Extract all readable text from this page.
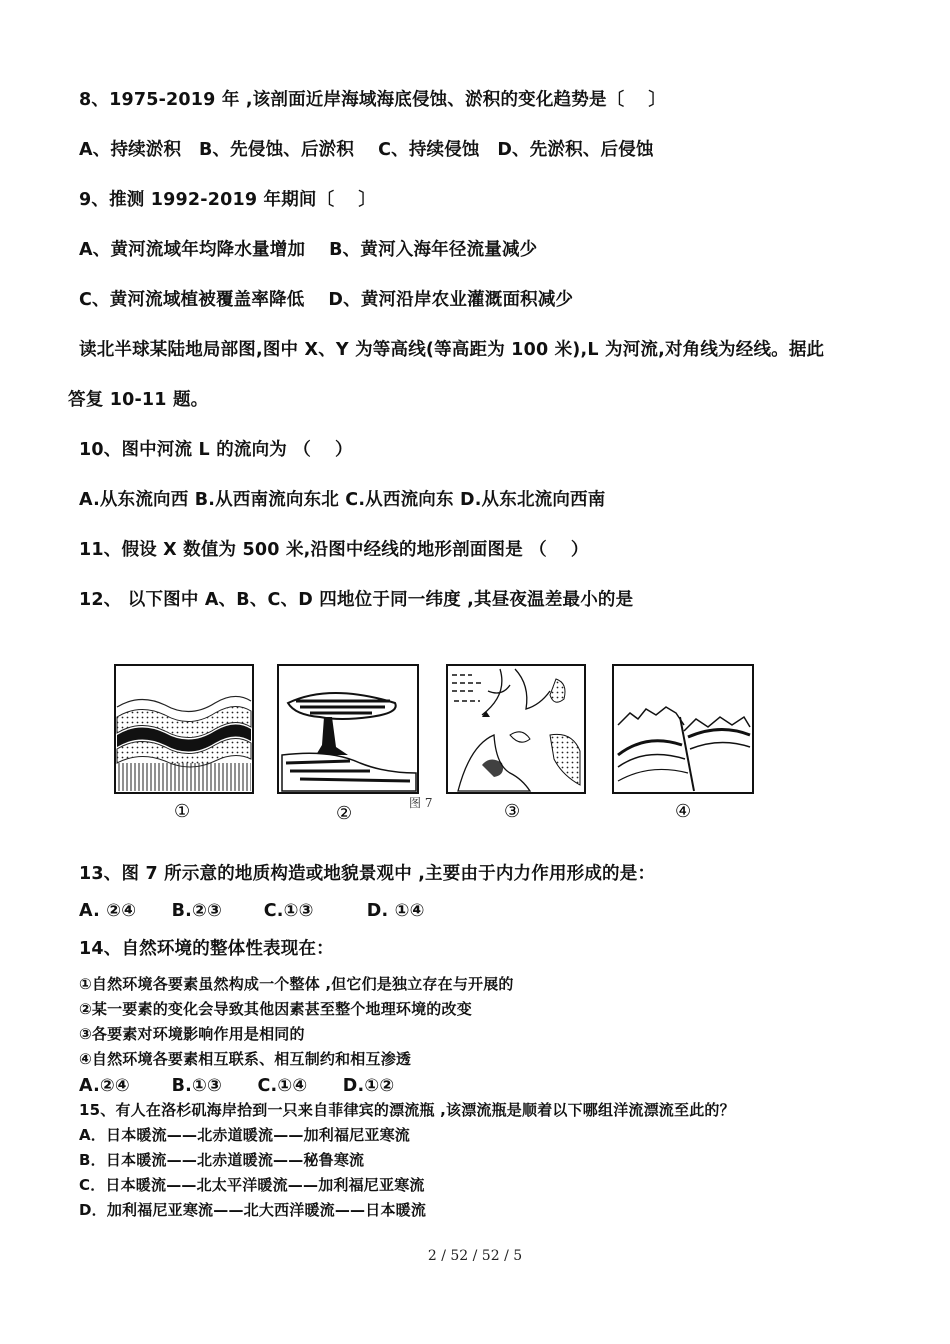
8、1975-2019 年 ,该剖面近岸海域海底侵蚀、淤积的变化趋势是〔　 〕
A、持续淤积　B、先侵蚀、后淤积　 C、持续侵蚀　D、先淤积、后侵蚀
9、推测 1992-2019 年期间〔　 〕
A、黄河流域年均降水量增加　 B、黄河入海年径流量减少
C、黄河流域植被覆盖率降低　 D、黄河沿岸农业灌溉面积减少
读北半球某陆地局部图,图中 X、Y 为等高线(等高距为 100 米),L 为河流,对角线为经线。据此
答复 10-11 题。
10、图中河流 L 的流向为 （　 ）
A.从东流向西 B.从西南流向东北 C.从西流向东 D.从东北流向西南
11、假设 X 数值为 500 米,沿图中经线的地形剖面图是 （　 ）
12、 以下图中 A、B、C、D 四地位于同一纬度 ,其昼夜温差最小的是
①	②	图 7	③	④
13、图 7 所示意的地质构造或地貌景观中 ,主要由于内力作用形成的是：
A. ②④　　B.②③　　 C.①③　　　D. ①④
14、自然环境的整体性表现在：
①自然环境各要素虽然构成一个整体 ,但它们是独立存在与开展的
②某一要素的变化会导致其他因素甚至整个地理环境的改变
③各要素对环境影响作用是相同的
④自然环境各要素相互联系、相互制约和相互渗透
A.②④　　 B.①③　　C.①④　　D.①②
15、有人在洛杉矶海岸拾到一只来自菲律宾的漂流瓶 ,该漂流瓶是顺着以下哪组洋流漂流至此的？
A．日本暖流——北赤道暖流——加利福尼亚寒流
B．日本暖流——北赤道暖流——秘鲁寒流
C．日本暖流——北太平洋暖流——加利福尼亚寒流
D．加利福尼亚寒流——北大西洋暖流——日本暖流
2 / 52 / 52 / 5
